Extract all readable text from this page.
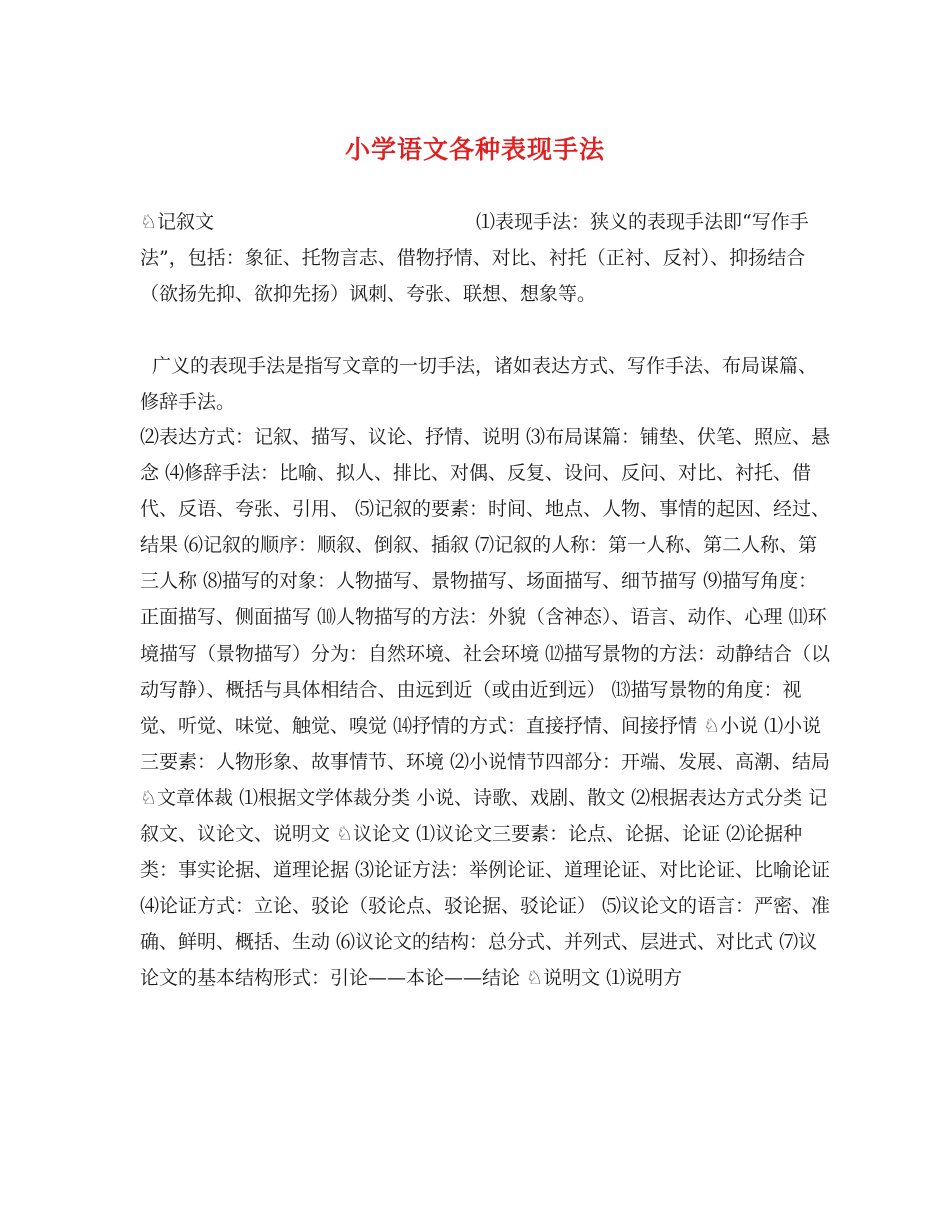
小学语文各种表现手法

♘记叙文	⑴表现手法：狭义的表现手法即“写作手法”，包括：象征、托物言志、借物抒情、对比、衬托（正衬、反衬）、抑扬结合（欲扬先抑、欲抑先扬）讽刺、夸张、联想、想象等。

广义的表现手法是指写文章的一切手法，诸如表达方式、写作手法、布局谋篇、修辞手法。

⑵表达方式：记叙、描写、议论、抒情、说明 ⑶布局谋篇：铺垫、伏笔、照应、悬念 ⑷修辞手法：比喻、拟人、排比、对偶、反复、设问、反问、对比、衬托、借代、反语、夸张、引用、 ⑸记叙的要素：时间、地点、人物、事情的起因、经过、结果 ⑹记叙的顺序：顺叙、倒叙、插叙 ⑺记叙的人称：第一人称、第二人称、第三人称 ⑻描写的对象：人物描写、景物描写、场面描写、细节描写 ⑼描写角度：正面描写、侧面描写 ⑽人物描写的方法：外貌（含神态）、语言、动作、心理 ⑾环境描写（景物描写）分为：自然环境、社会环境 ⑿描写景物的方法：动静结合（以动写静）、概括与具体相结合、由远到近（或由近到远） ⒀描写景物的角度：视觉、听觉、味觉、触觉、嗅觉 ⒁抒情的方式：直接抒情、间接抒情 ♘小说 ⑴小说三要素：人物形象、故事情节、环境 ⑵小说情节四部分：开端、发展、高潮、结局 ♘文章体裁 ⑴根据文学体裁分类 小说、诗歌、戏剧、散文 ⑵根据表达方式分类 记叙文、议论文、说明文 ♘议论文 ⑴议论文三要素：论点、论据、论证 ⑵论据种类：事实论据、道理论据 ⑶论证方法：举例论证、道理论证、对比论证、比喻论证 ⑷论证方式：立论、驳论（驳论点、驳论据、驳论证） ⑸议论文的语言：严密、准确、鲜明、概括、生动 ⑹议论文的结构：总分式、并列式、层进式、对比式 ⑺议论文的基本结构形式：引论——本论——结论 ♘说明文 ⑴说明方
